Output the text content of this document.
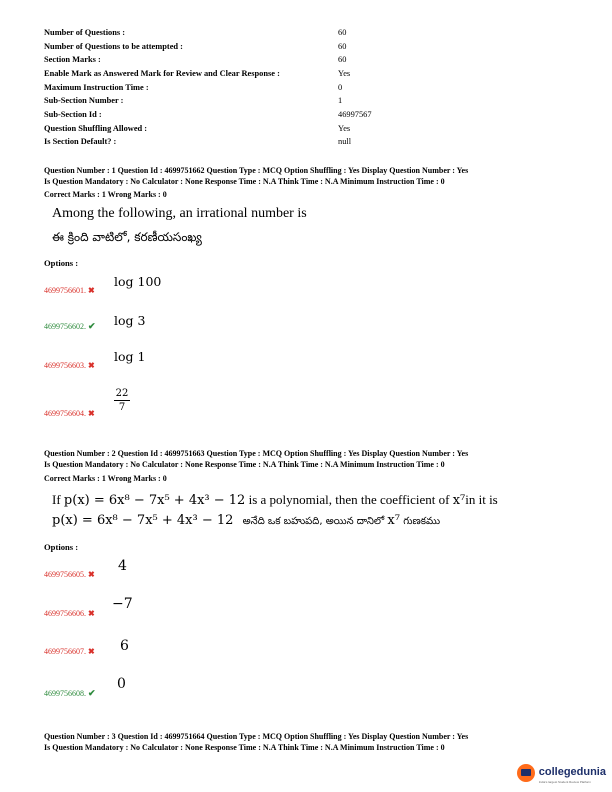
Number of Questions :	60
Number of Questions to be attempted :	60
Section Marks :	60
Enable Mark as Answered Mark for Review and Clear Response :	Yes
Maximum Instruction Time :	0
Sub-Section Number :	1
Sub-Section Id :	46997567
Question Shuffling Allowed :	Yes
Is Section Default? :	null
Question Number : 1 Question Id : 4699751662 Question Type : MCQ Option Shuffling : Yes Display Question Number : Yes
Is Question Mandatory : No Calculator : None Response Time : N.A Think Time : N.A Minimum Instruction Time : 0
Correct Marks : 1 Wrong Marks : 0
Among the following, an irrational number is
ఈ క్రింది వాటిలో, కరణీయసంఖ్య
Options :
4699756601. ✖
log 100
4699756602. ✔ log 3
4699756603. ✖
log 1
4699756604. ✖
$\frac{22}{7}$
Question Number : 2 Question Id : 4699751663 Question Type : MCQ Option Shuffling : Yes Display Question Number : Yes
Is Question Mandatory : No Calculator : None Response Time : N.A Think Time : N.A Minimum Instruction Time : 0
Correct Marks : 1 Wrong Marks : 0
If p(x) = 6x⁸ − 7x⁵ + 4x³ − 12 is a polynomial, then the coefficient of x⁷in it is
p(x) = 6x⁸ − 7x⁵ + 4x³ − 12 అనేది ఒక బహుపది, అయిన దానిలో x⁷ గుణకము
Options :
4699756605. ✖
4
4699756606. ✖
−7
4699756607. ✖ 6
4699756608. ✔
0
Question Number : 3 Question Id : 4699751664 Question Type : MCQ Option Shuffling : Yes Display Question Number : Yes
Is Question Mandatory : No Calculator : None Response Time : N.A Think Time : N.A Minimum Instruction Time : 0
collegedunia
India's largest Student Review Platform
